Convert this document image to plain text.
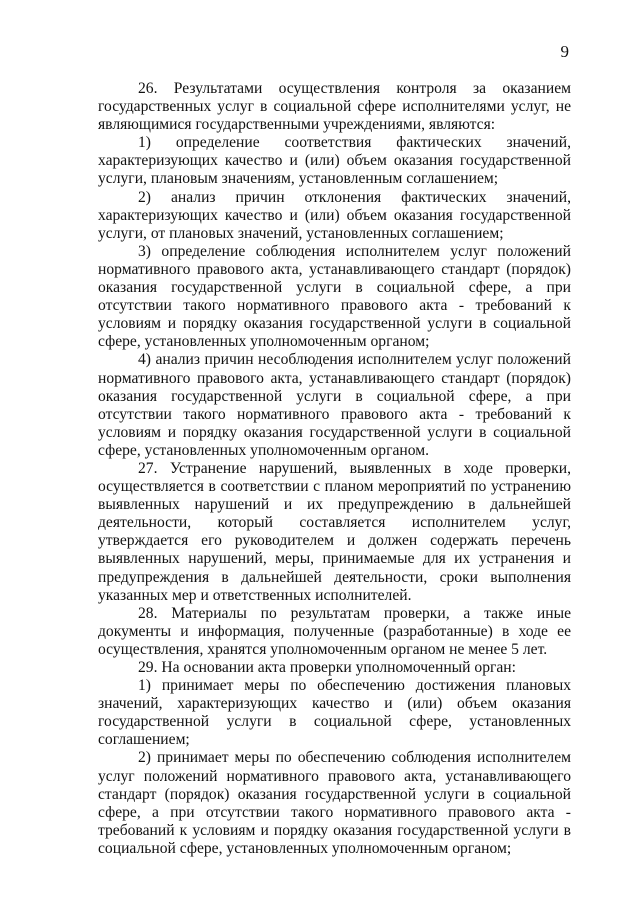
9

26. Результатами осуществления контроля за оказанием государственных услуг в социальной сфере исполнителями услуг, не являющимися государственными учреждениями, являются:

1) определение соответствия фактических значений, характеризующих качество и (или) объем оказания государственной услуги, плановым значениям, установленным соглашением;

2) анализ причин отклонения фактических значений, характеризующих качество и (или) объем оказания государственной услуги, от плановых значений, установленных соглашением;

3) определение соблюдения исполнителем услуг положений нормативного правового акта, устанавливающего стандарт (порядок) оказания государственной услуги в социальной сфере, а при отсутствии такого нормативного правового акта - требований к условиям и порядку оказания государственной услуги в социальной сфере, установленных уполномоченным органом;

4) анализ причин несоблюдения исполнителем услуг положений нормативного правового акта, устанавливающего стандарт (порядок) оказания государственной услуги в социальной сфере, а при отсутствии такого нормативного правового акта - требований к условиям и порядку оказания государственной услуги в социальной сфере, установленных уполномоченным органом.

27. Устранение нарушений, выявленных в ходе проверки, осуществляется в соответствии с планом мероприятий по устранению выявленных нарушений и их предупреждению в дальнейшей деятельности, который составляется исполнителем услуг, утверждается его руководителем и должен содержать перечень выявленных нарушений, меры, принимаемые для их устранения и предупреждения в дальнейшей деятельности, сроки выполнения указанных мер и ответственных исполнителей.

28. Материалы по результатам проверки, а также иные документы и информация, полученные (разработанные) в ходе ее осуществления, хранятся уполномоченным органом не менее 5 лет.

29. На основании акта проверки уполномоченный орган:

1) принимает меры по обеспечению достижения плановых значений, характеризующих качество и (или) объем оказания государственной услуги в социальной сфере, установленных соглашением;

2) принимает меры по обеспечению соблюдения исполнителем услуг положений нормативного правового акта, устанавливающего стандарт (порядок) оказания государственной услуги в социальной сфере, а при отсутствии такого нормативного правового акта - требований к условиям и порядку оказания государственной услуги в социальной сфере, установленных уполномоченным органом;
